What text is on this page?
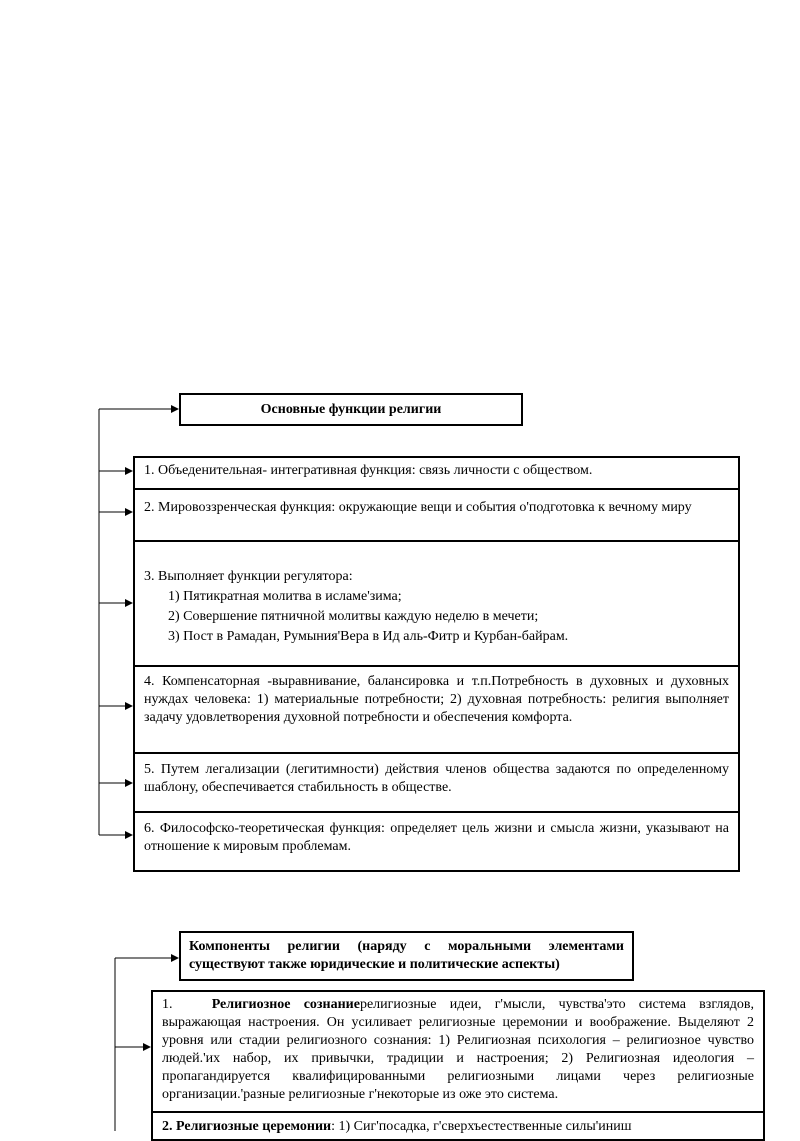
Основные функции религии
1. Объеденительная- интегративная функция: связь личности с обществом.
2. Мировоззренческая функция: окружающие вещи и события о'подготовка к вечному миру
3. Выполняет функции регулятора:
1) Пятикратная молитва в исламе'зима;
2) Совершение пятничной молитвы каждую неделю в мечети;
3) Пост в Рамадан, Румыния'Вера в Ид аль-Фитр и Курбан-байрам.
4. Компенсаторная -выравнивание, балансировка и т.п.Потребность в духовных и духовных нуждах человека: 1) материальные потребности; 2) духовная потребность: религия выполняет задачу удовлетворения духовной потребности и обеспечения комфорта.
5. Путем легализации (легитимности) действия членов общества задаются по определенному шаблону, обеспечивается стабильность в обществе.
6. Философско-теоретическая функция: определяет цель жизни и смысла жизни, указывают на отношение к мировым проблемам.
Компоненты религии (наряду с моральными элементами существуют также юридические и политические аспекты)
1.	Религиозное сознаниерелигиозные идеи, г'мысли, чувства'это система взглядов, выражающая настроения. Он усиливает религиозные церемонии и воображение. Выделяют 2 уровня или стадии религиозного сознания: 1) Религиозная психология – религиозное чувство людей.'их набор, их привычки, традиции и настроения; 2) Религиозная идеология – пропагандируется квалифицированными религиозными лицами через религиозные организации.'разные религиозные г'некоторые из оже это система.
2. Религиозные церемонии: 1) Сиг'посадка, г'сверхъестественные силы'иниш
